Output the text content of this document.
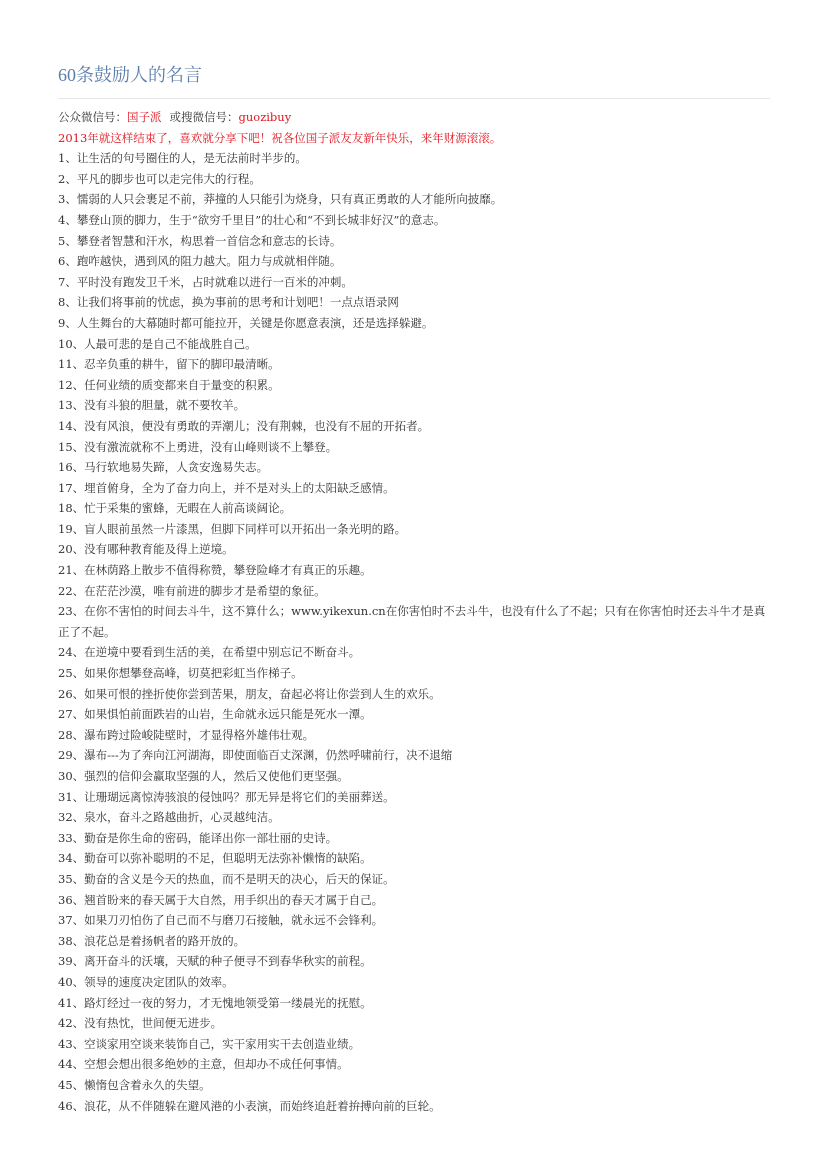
60条鼓励人的名言

公众微信号：国子派 或搜微信号：guozibuy

2013年就这样结束了，喜欢就分享下吧！祝各位国子派友友新年快乐，来年财源滚滚。

1、让生活的句号圈住的人，是无法前时半步的。

2、平凡的脚步也可以走完伟大的行程。

3、懦弱的人只会裹足不前，莽撞的人只能引为烧身，只有真正勇敢的人才能所向披靡。

4、攀登山顶的脚力，生于“欲穷千里目”的壮心和“不到长城非好汉”的意志。

5、攀登者智慧和汗水，构思着一首信念和意志的长诗。

6、跑咋越快，遇到风的阻力越大。阻力与成就相伴随。

7、平时没有跑发卫千米，占时就难以进行一百米的冲刺。

8、让我们将事前的忧虑，换为事前的思考和计划吧！一点点语录网

9、人生舞台的大幕随时都可能拉开，关键是你愿意表演，还是选择躲避。

10、人最可悲的是自己不能战胜自己。

11、忍辛负重的耕牛，留下的脚印最清晰。

12、任何业绩的质变都来自于量变的积累。

13、没有斗狼的胆量，就不要牧羊。

14、没有风浪，便没有勇敢的弄潮儿；没有荆棘，也没有不屈的开拓者。

15、没有激流就称不上勇进，没有山峰则谈不上攀登。

16、马行软地易失蹄，人贪安逸易失志。

17、埋首俯身，全为了奋力向上，并不是对头上的太阳缺乏感情。

18、忙于采集的蜜蜂，无暇在人前高谈阔论。

19、盲人眼前虽然一片漆黑，但脚下同样可以开拓出一条光明的路。

20、没有哪种教育能及得上逆境。

21、在林荫路上散步不值得称赞，攀登险峰才有真正的乐趣。

22、在茫茫沙漠，唯有前进的脚步才是希望的象征。

23、在你不害怕的时间去斗牛，这不算什么；www.yikexun.cn在你害怕时不去斗牛，也没有什么了不起；只有在你害怕时还去斗牛才是真正了不起。

24、在逆境中要看到生活的美，在希望中别忘记不断奋斗。

25、如果你想攀登高峰，切莫把彩虹当作梯子。

26、如果可恨的挫折使你尝到苦果，朋友，奋起必将让你尝到人生的欢乐。

27、如果惧怕前面跌岩的山岩，生命就永远只能是死水一潭。

28、瀑布跨过险峻陡壁时，才显得格外雄伟壮观。

29、瀑布---为了奔向江河湖海，即使面临百丈深渊，仍然呼啸前行，决不退缩

30、强烈的信仰会赢取坚强的人，然后又使他们更坚强。

31、让珊瑚远离惊涛骇浪的侵蚀吗？那无异是将它们的美丽葬送。

32、泉水，奋斗之路越曲折，心灵越纯洁。

33、勤奋是你生命的密码，能译出你一部壮丽的史诗。

34、勤奋可以弥补聪明的不足，但聪明无法弥补懒惰的缺陷。

35、勤奋的含义是今天的热血，而不是明天的决心，后天的保证。

36、翘首盼来的春天属于大自然，用手织出的春天才属于自己。

37、如果刀刃怕伤了自己而不与磨刀石接触，就永远不会锋利。

38、浪花总是着扬帆者的路开放的。

39、离开奋斗的沃壤，天赋的种子便寻不到春华秋实的前程。

40、领导的速度决定团队的效率。

41、路灯经过一夜的努力，才无愧地领受第一缕晨光的抚慰。

42、没有热忱，世间便无进步。

43、空谈家用空谈来装饰自己，实干家用实干去创造业绩。

44、空想会想出很多绝妙的主意，但却办不成任何事情。

45、懒惰包含着永久的失望。

46、浪花，从不伴随躲在避风港的小表演，而始终追赶着拚搏向前的巨轮。
